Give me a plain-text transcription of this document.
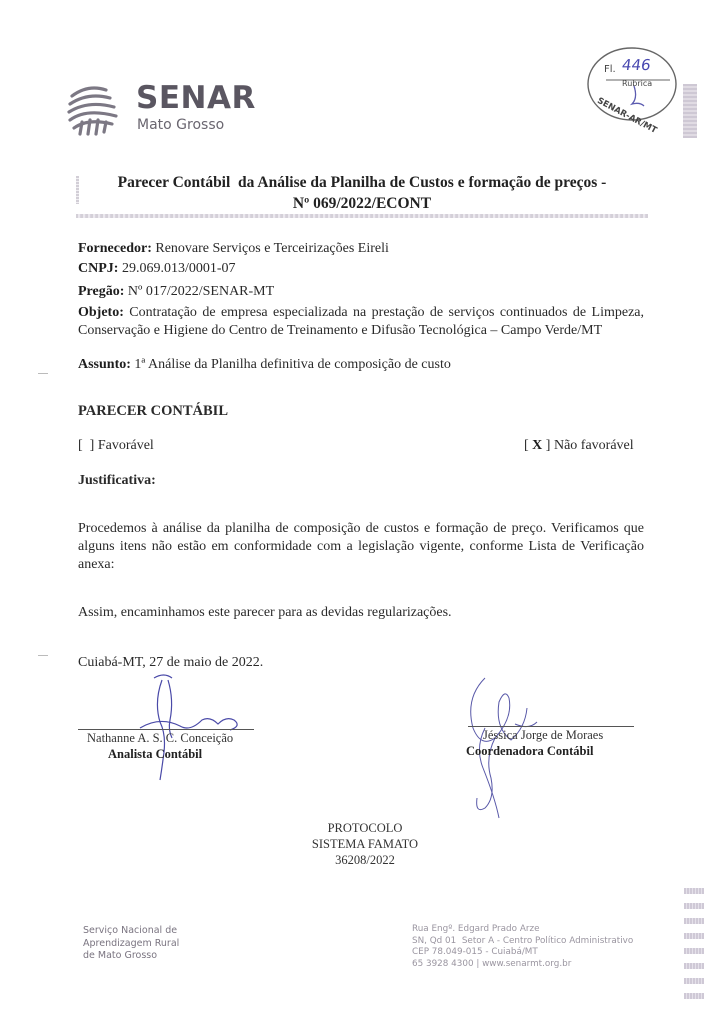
SENAR
Mato Grosso
Fl. 446
Rubrica
SENAR-AR/MT
Parecer Contábil  da Análise da Planilha de Custos e formação de preços -
Nº 069/2022/ECONT
Fornecedor: Renovare Serviços e Terceirizações Eireli
CNPJ: 29.069.013/0001-07
Pregão: Nº 017/2022/SENAR-MT
Objeto: Contratação de empresa especializada na prestação de serviços continuados de Limpeza, Conservação e Higiene do Centro de Treinamento e Difusão Tecnológica – Campo Verde/MT
Assunto: 1ª Análise da Planilha definitiva de composição de custo
PARECER CONTÁBIL
[  ] Favorável	[ X ] Não favorável
Justificativa:
Procedemos à análise da planilha de composição de custos e formação de preço. Verificamos que alguns itens não estão em conformidade com a legislação vigente, conforme Lista de Verificação anexa:
Assim, encaminhamos este parecer para as devidas regularizações.
Cuiabá-MT, 27 de maio de 2022.
Nathanne A. S. C. Conceição
Analista Contábil
Jéssica Jorge de Moraes
Coordenadora Contábil
PROTOCOLO
SISTEMA FAMATO
36208/2022
Serviço Nacional de
Aprendizagem Rural
de Mato Grosso
Rua Engº. Edgard Prado Arze
SN, Qd 01  Setor A - Centro Político Administrativo
CEP 78.049-015 - Cuiabá/MT
65 3928 4300 | www.senarmt.org.br
